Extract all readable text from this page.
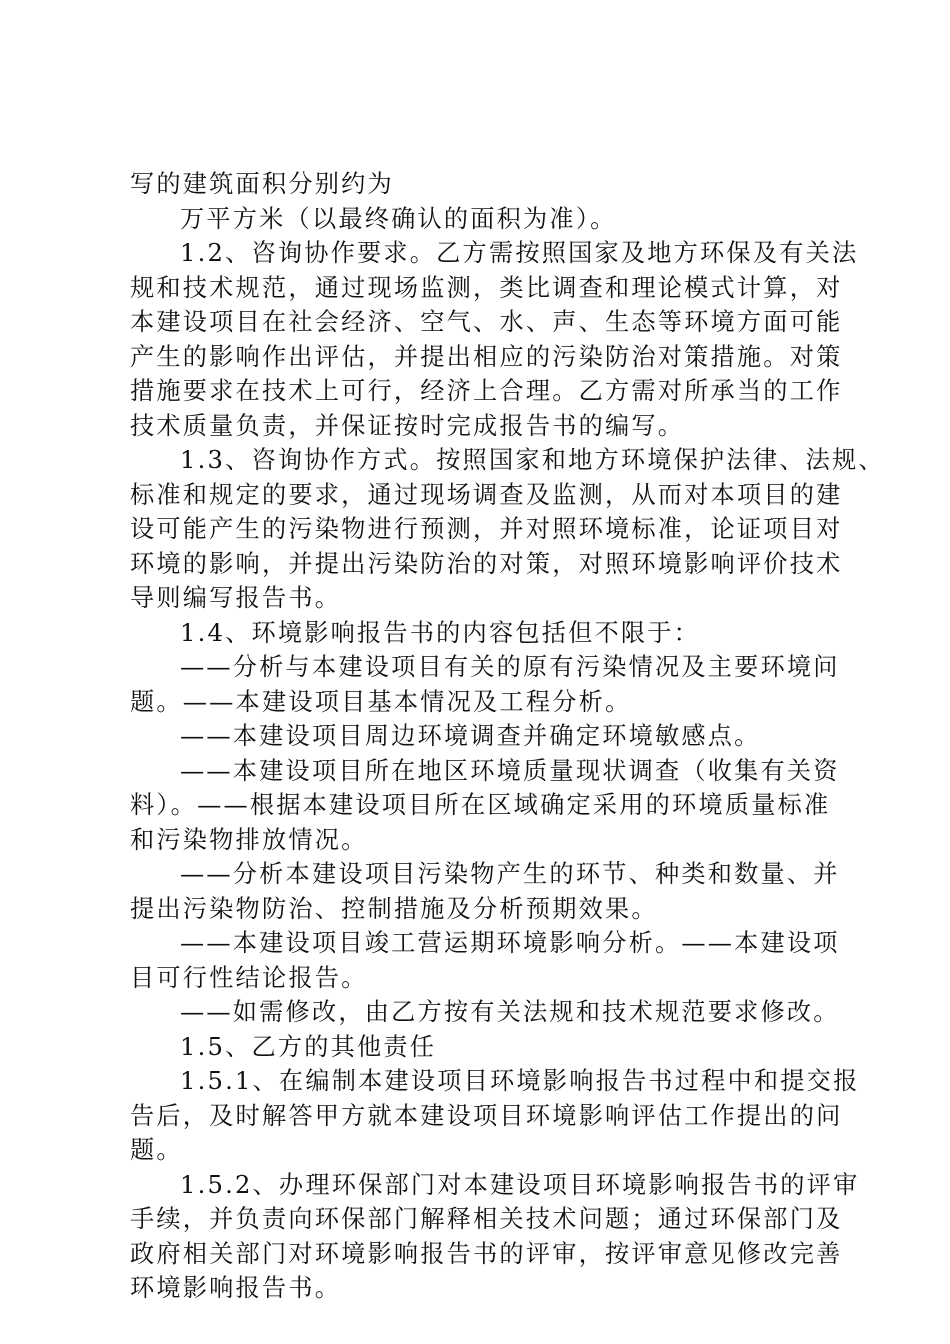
写的建筑面积分别约为
万平方米（以最终确认的面积为准）。
1.2、咨询协作要求。乙方需按照国家及地方环保及有关法
规和技术规范，通过现场监测，类比调查和理论模式计算，对
本建设项目在社会经济、空气、水、声、生态等环境方面可能
产生的影响作出评估，并提出相应的污染防治对策措施。对策
措施要求在技术上可行，经济上合理。乙方需对所承当的工作
技术质量负责，并保证按时完成报告书的编写。
1.3、咨询协作方式。按照国家和地方环境保护法律、法规、
标准和规定的要求，通过现场调查及监测，从而对本项目的建
设可能产生的污染物进行预测，并对照环境标准，论证项目对
环境的影响，并提出污染防治的对策，对照环境影响评价技术
导则编写报告书。
1.4、环境影响报告书的内容包括但不限于：
——分析与本建设项目有关的原有污染情况及主要环境问
题。——本建设项目基本情况及工程分析。
——本建设项目周边环境调查并确定环境敏感点。
——本建设项目所在地区环境质量现状调查（收集有关资
料）。——根据本建设项目所在区域确定采用的环境质量标准
和污染物排放情况。
——分析本建设项目污染物产生的环节、种类和数量、并
提出污染物防治、控制措施及分析预期效果。
——本建设项目竣工营运期环境影响分析。——本建设项
目可行性结论报告。
——如需修改，由乙方按有关法规和技术规范要求修改。
1.5、乙方的其他责任
1.5.1、在编制本建设项目环境影响报告书过程中和提交报
告后，及时解答甲方就本建设项目环境影响评估工作提出的问
题。
1.5.2、办理环保部门对本建设项目环境影响报告书的评审
手续，并负责向环保部门解释相关技术问题；通过环保部门及
政府相关部门对环境影响报告书的评审，按评审意见修改完善
环境影响报告书。
